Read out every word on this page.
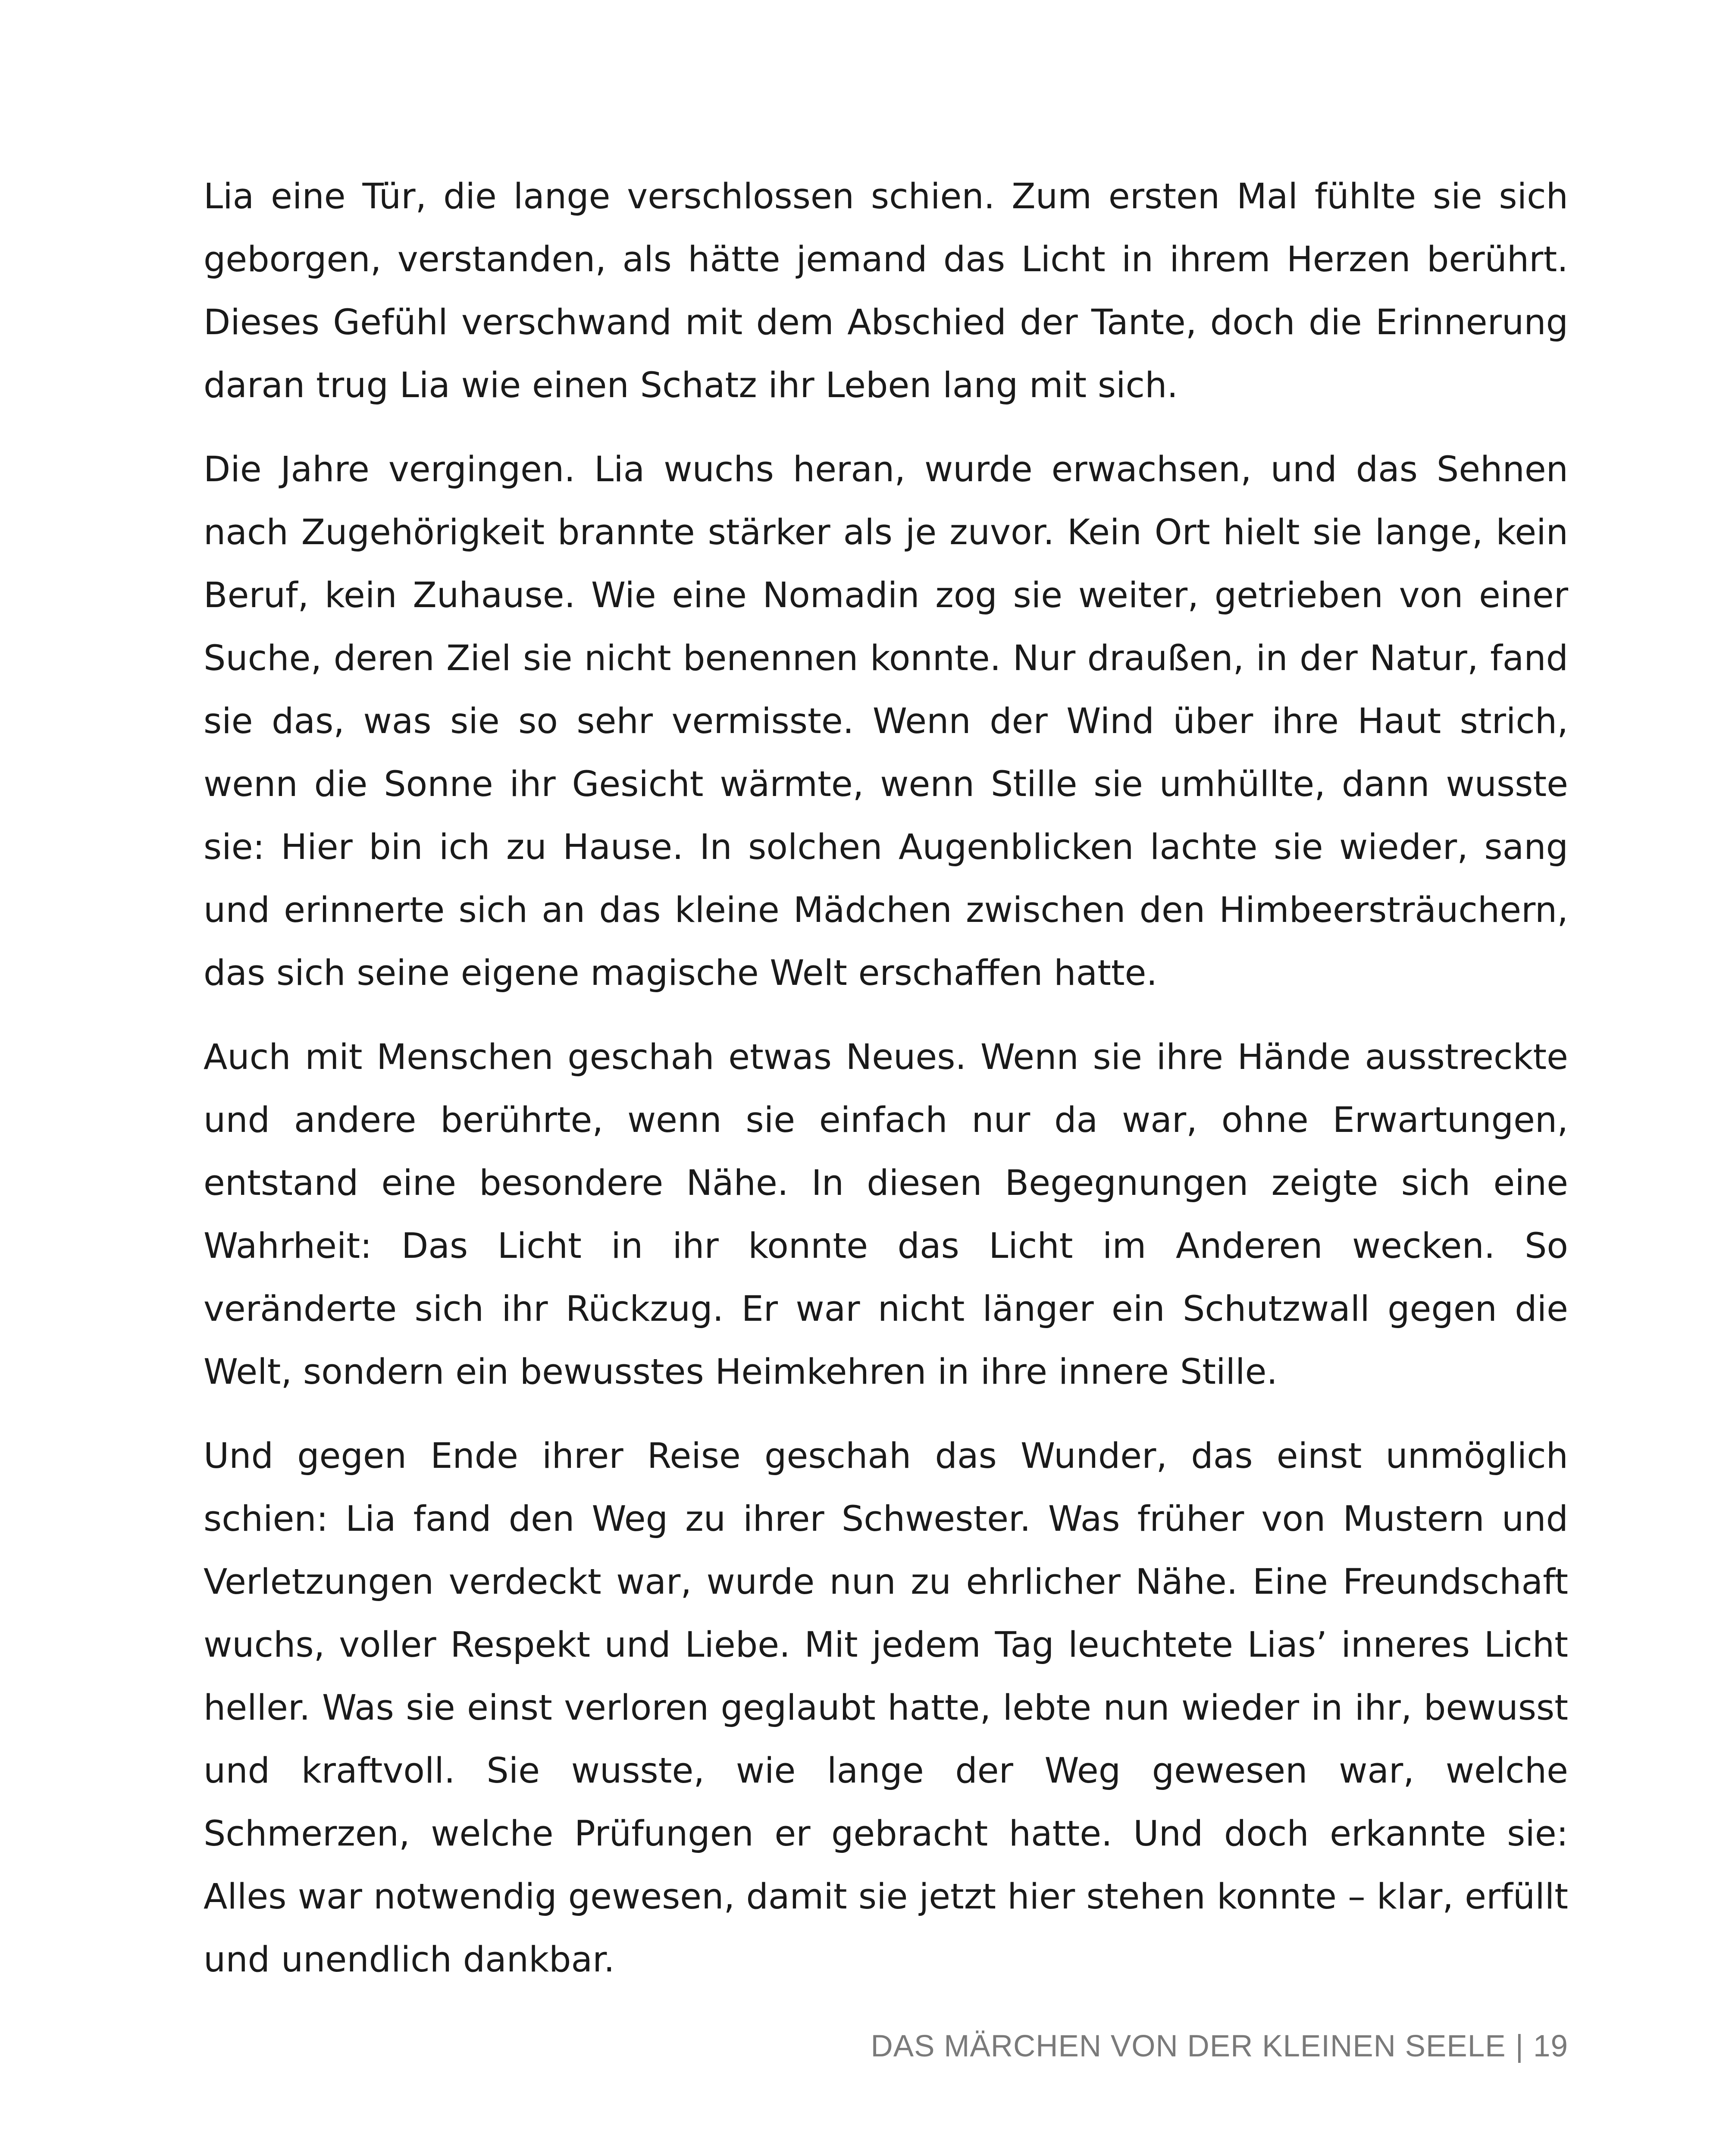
Lia eine Tür, die lange verschlossen schien. Zum ersten Mal fühlte sie sich geborgen, verstanden, als hätte jemand das Licht in ihrem Herzen berührt. Dieses Gefühl verschwand mit dem Abschied der Tante, doch die Erinnerung daran trug Lia wie einen Schatz ihr Leben lang mit sich.

Die Jahre vergingen. Lia wuchs heran, wurde erwachsen, und das Sehnen nach Zugehörigkeit brannte stärker als je zuvor. Kein Ort hielt sie lange, kein Beruf, kein Zuhause. Wie eine Nomadin zog sie weiter, getrieben von einer Suche, deren Ziel sie nicht benennen konnte. Nur draußen, in der Natur, fand sie das, was sie so sehr vermisste. Wenn der Wind über ihre Haut strich, wenn die Sonne ihr Gesicht wärmte, wenn Stille sie umhüllte, dann wusste sie: Hier bin ich zu Hause. In solchen Augenblicken lachte sie wieder, sang und erinnerte sich an das kleine Mädchen zwischen den Himbeersträuchern, das sich seine eigene magische Welt erschaffen hatte.

Auch mit Menschen geschah etwas Neues. Wenn sie ihre Hände ausstreckte und andere berührte, wenn sie einfach nur da war, ohne Erwartungen, entstand eine besondere Nähe. In diesen Begegnungen zeigte sich eine Wahrheit: Das Licht in ihr konnte das Licht im Anderen wecken. So veränderte sich ihr Rückzug. Er war nicht länger ein Schutzwall gegen die Welt, sondern ein bewusstes Heimkehren in ihre innere Stille.

Und gegen Ende ihrer Reise geschah das Wunder, das einst unmöglich schien: Lia fand den Weg zu ihrer Schwester. Was früher von Mustern und Verletzungen verdeckt war, wurde nun zu ehrlicher Nähe. Eine Freundschaft wuchs, voller Respekt und Liebe. Mit jedem Tag leuchtete Lias’ inneres Licht heller. Was sie einst verloren geglaubt hatte, lebte nun wieder in ihr, bewusst und kraftvoll. Sie wusste, wie lange der Weg gewesen war, welche Schmerzen, welche Prüfungen er gebracht hatte. Und doch erkannte sie: Alles war notwendig gewesen, damit sie jetzt hier stehen konnte – klar, erfüllt und unendlich dankbar.

DAS MÄRCHEN VON DER KLEINEN SEELE | 19
